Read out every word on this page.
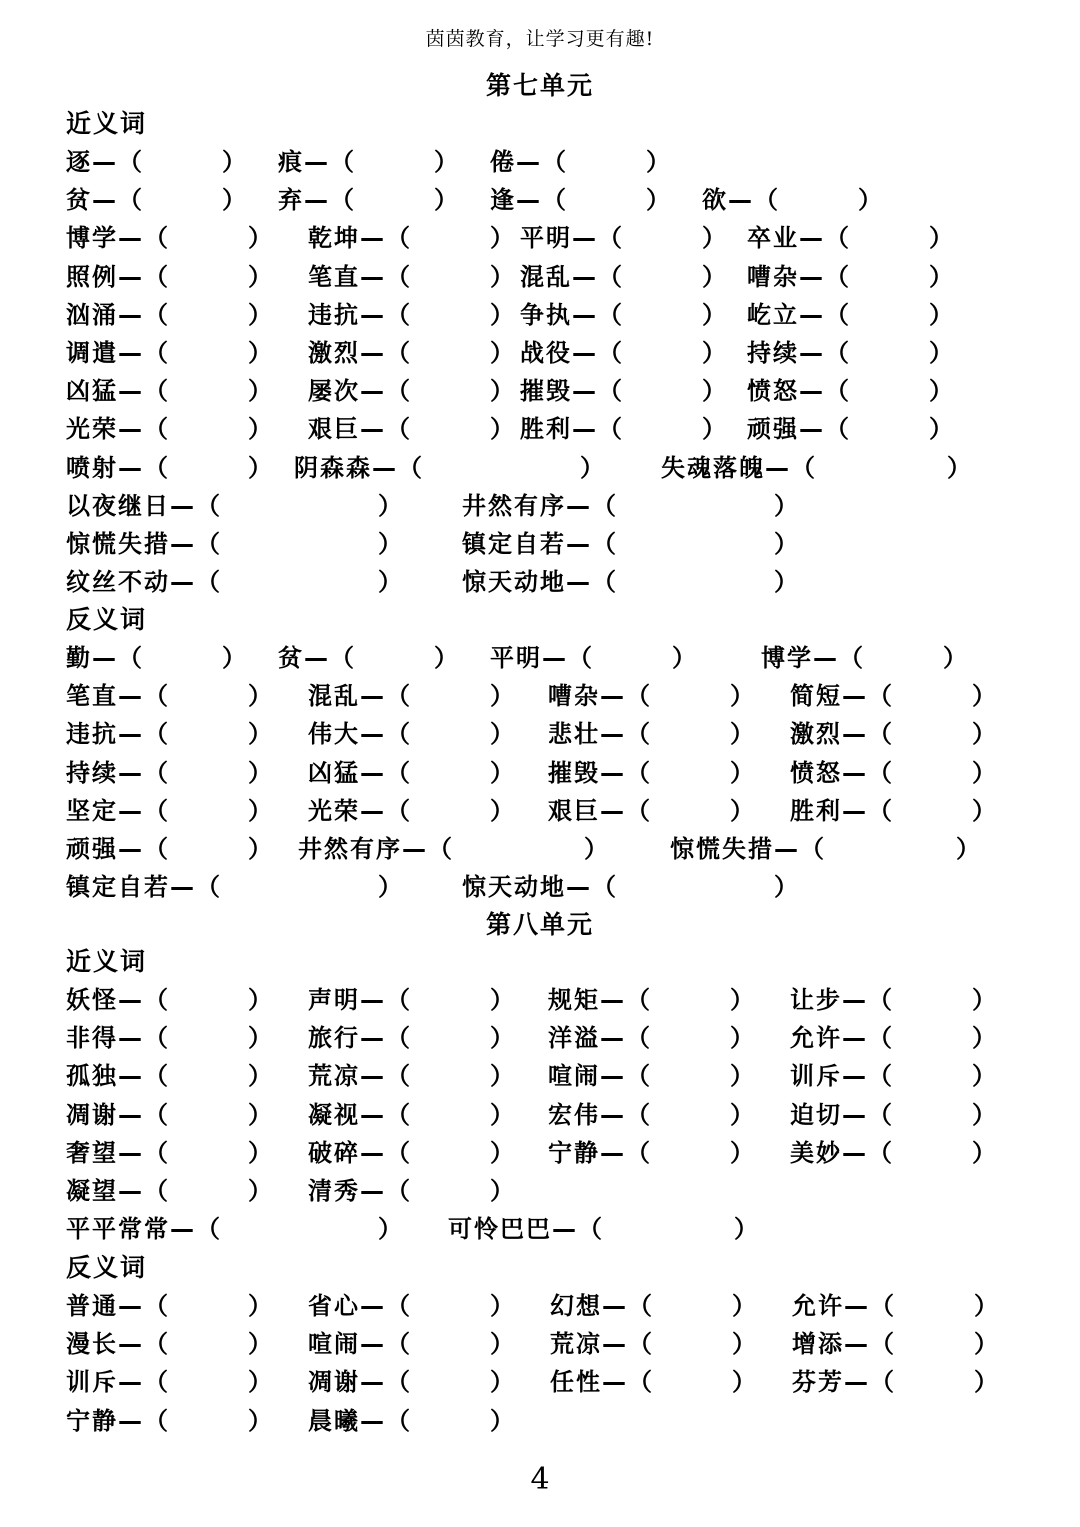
茵茵教育，让学习更有趣!
第七单元
近义词
逐—（　　　） 痕—（　　　） 倦—（　　　）
贫—（　　　） 弃—（　　　） 逢—（　　　） 欲—（　　　）
博学—（　　　） 乾坤—（　　　） 平明—（　　　） 卒业—（　　　）
照例—（　　　） 笔直—（　　　） 混乱—（　　　） 嘈杂—（　　　）
汹涌—（　　　） 违抗—（　　　） 争执—（　　　） 屹立—（　　　）
调遣—（　　　） 激烈—（　　　） 战役—（　　　） 持续—（　　　）
凶猛—（　　　） 屡次—（　　　） 摧毁—（　　　） 愤怒—（　　　）
光荣—（　　　） 艰巨—（　　　） 胜利—（　　　） 顽强—（　　　）
喷射—（　　　） 阴森森—（　　　　　　） 失魂落魄—（　　　　　）
以夜继日—（　　　　　　） 井然有序—（　　　　　　）
惊慌失措—（　　　　　　） 镇定自若—（　　　　　　）
纹丝不动—（　　　　　　） 惊天动地—（　　　　　　）
反义词
勤—（　　　） 贫—（　　　） 平明—（　　　）	博学—（　　　）
笔直—（　　　） 混乱—（　　　） 嘈杂—（　　　） 简短—（　　　）
违抗—（　　　） 伟大—（　　　） 悲壮—（　　　） 激烈—（　　　）
持续—（　　　） 凶猛—（　　　） 摧毁—（　　　） 愤怒—（　　　）
坚定—（　　　） 光荣—（　　　） 艰巨—（　　　） 胜利—（　　　）
顽强—（　　　） 井然有序—（　　　　　）	惊慌失措—（　　　　　）
镇定自若—（　　　　　　） 惊天动地—（　　　　　　）
第八单元
近义词
妖怪—（　　　） 声明—（　　　） 规矩—（　　　） 让步—（　　　）
非得—（　　　） 旅行—（　　　） 洋溢—（　　　） 允许—（　　　）
孤独—（　　　） 荒凉—（　　　） 喧闹—（　　　） 训斥—（　　　）
凋谢—（　　　） 凝视—（　　　） 宏伟—（　　　） 迫切—（　　　）
奢望—（　　　） 破碎—（　　　） 宁静—（　　　） 美妙—（　　　）
凝望—（　　　） 清秀—（　　　）
平平常常—（　　　　　　） 可怜巴巴—（　　　　　）
反义词
普通—（　　　） 省心—（　　　） 幻想—（　　　） 允许—（　　　）
漫长—（　　　） 喧闹—（　　　） 荒凉—（　　　） 增添—（　　　）
训斥—（　　　） 凋谢—（　　　） 任性—（　　　） 芬芳—（　　　）
宁静—（　　　） 晨曦—（　　　）
4
